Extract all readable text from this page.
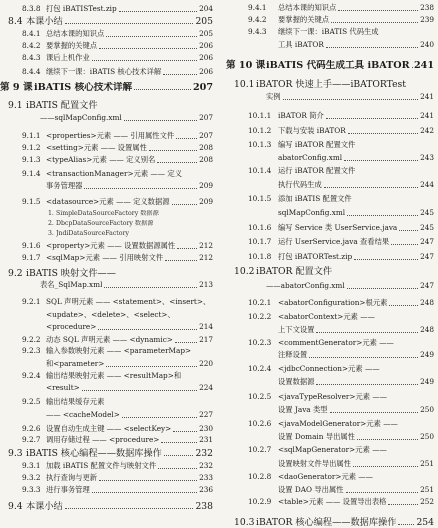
8.3.8 打包 iBATISTest.zip	204
8.4 本课小结	205
8.4.1 总结本课的知识点	205
8.4.2 要掌握的关键点	206
8.4.3 课后上机作业	206
8.4.4 继续下一课：iBATIS 核心技术详解	206
第 9 课 iBATIS 核心技术详解	207
9.1 iBATIS 配置文件
——sqlMapConfig.xml	207
9.1.1 <properties>元素 —— 引用属性文件	207
9.1.2 <setting>元素 —— 设置属性	208
9.1.3 <typeAlias>元素 —— 定义别名	208
9.1.4 <transactionManager>元素 —— 定义
事务管理器	209
9.1.5 <datasource>元素 —— 定义数据源	209
1. SimpleDataSourceFactory 数据源
2. DbcpDataSourceFactory 数据源
3. JndiDataSourceFactory
9.1.6 <property>元素 —— 设置数据源属性	212
9.1.7 <sqlMap>元素 —— 引用映射文件	212
9.2 iBATIS 映射文件——
表名_SqlMap.xml	213
9.2.1 SQL 声明元素 —— <statement>、<insert>、
<update>、<delete>、<select>、
<procedure>	214
9.2.2 动态 SQL 声明元素 —— <dynamic>	217
9.2.3 输入参数映射元素 —— <parameterMap>
和<parameter>	220
9.2.4 输出结果映射元素 —— <resultMap>和
<result>	224
9.2.5 输出结果缓存元素
—— <cacheModel>	227
9.2.6 设置自动生成主键 —— <selectKey>	230
9.2.7 调用存储过程 —— <procedure>	231
9.3 iBATIS 核心编程——数据库操作	232
9.3.1 加载 iBATIS 配置文件与映射文件	232
9.3.2 执行查询与更新	233
9.3.3 进行事务管理	236
9.4 本课小结	238
9.4.1 总结本课的知识点	238
9.4.2 要掌握的关键点	239
9.4.3 继续下一课：iBATIS 代码生成
工具 iBATOR	240
第 10 课 iBATIS 代码生成工具 iBATOR 241
10.1 iBATOR 快速上手——iBATORTest
实例	241
10.1.1 iBATOR 简介	241
10.1.2 下载与安装 iBATOR	242
10.1.3 编写 iBATOR 配置文件
abatorConfig.xml	243
10.1.4 运行 iBATOR 配置文件
执行代码生成	244
10.1.5 添加 iBATIS 配置文件
sqlMapConfig.xml	245
10.1.6 编写 Service 类 UserService.java	245
10.1.7 运行 UserService.java 查看结果	247
10.1.8 打包 iBATORTest.zip	247
10.2 iBATOR 配置文件
——abatorConfig.xml	247
10.2.1 <abatorConfiguration>根元素	248
10.2.2 <abatorContext>元素 ——
上下文设置	248
10.2.3 <commentGenerator>元素 ——
注释设置	249
10.2.4 <jdbcConnection>元素 ——
设置数据源	249
10.2.5 <javaTypeResolver>元素 ——
设置 Java 类型	250
10.2.6 <javaModelGenerator>元素 ——
设置 Domain 导出属性	250
10.2.7 <sqlMapGenerator>元素 ——
设置映射文件导出属性	251
10.2.8 <daoGenerator>元素 ——
设置 DAO 导出属性	251
10.2.9 <table>元素 —— 设置导出表格	252
10.3 iBATOR 核心编程——数据库操作 254
